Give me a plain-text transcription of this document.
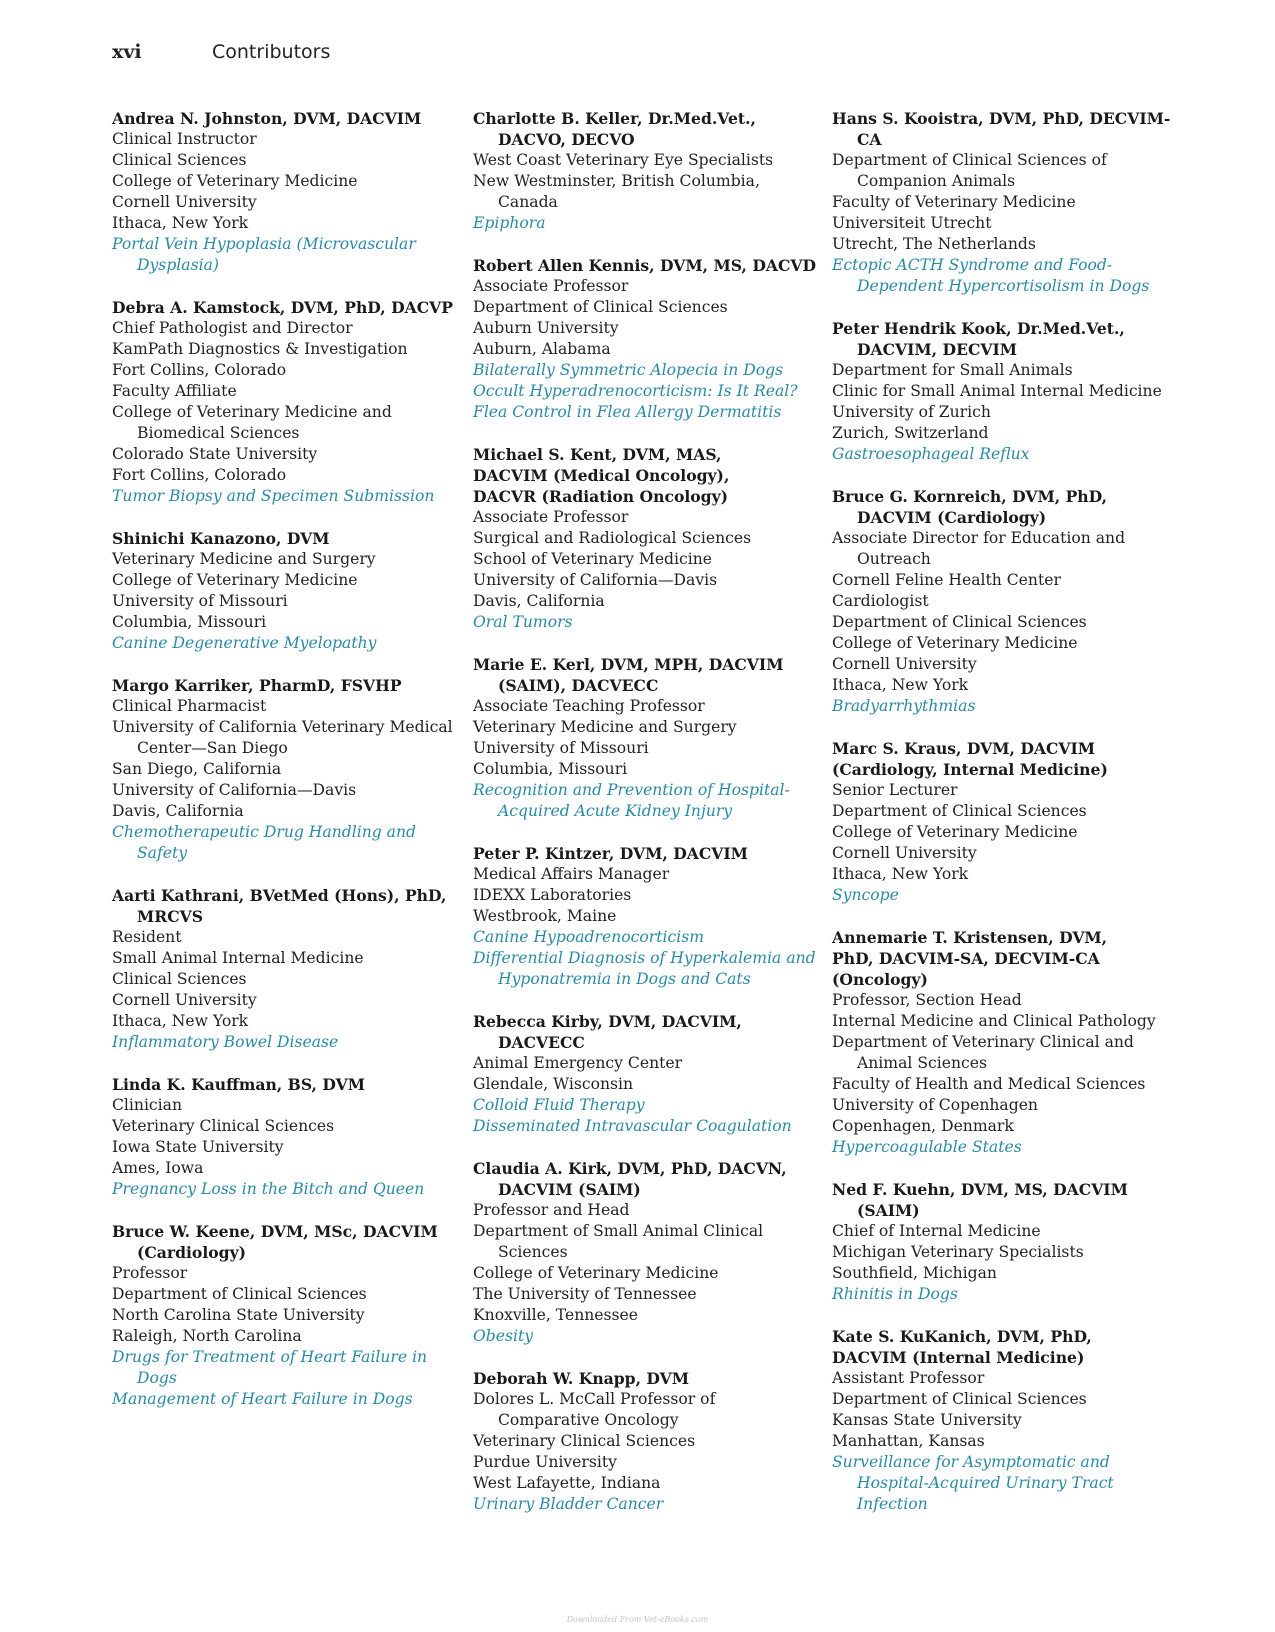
xvi	Contributors
Andrea N. Johnston, DVM, DACVIM
Clinical Instructor
Clinical Sciences
College of Veterinary Medicine
Cornell University
Ithaca, New York
Portal Vein Hypoplasia (Microvascular Dysplasia)
Debra A. Kamstock, DVM, PhD, DACVP
Chief Pathologist and Director
KamPath Diagnostics & Investigation
Fort Collins, Colorado
Faculty Affiliate
College of Veterinary Medicine and Biomedical Sciences
Colorado State University
Fort Collins, Colorado
Tumor Biopsy and Specimen Submission
Shinichi Kanazono, DVM
Veterinary Medicine and Surgery
College of Veterinary Medicine
University of Missouri
Columbia, Missouri
Canine Degenerative Myelopathy
Margo Karriker, PharmD, FSVHP
Clinical Pharmacist
University of California Veterinary Medical Center—San Diego
San Diego, California
University of California—Davis
Davis, California
Chemotherapeutic Drug Handling and Safety
Aarti Kathrani, BVetMed (Hons), PhD, MRCVS
Resident
Small Animal Internal Medicine
Clinical Sciences
Cornell University
Ithaca, New York
Inflammatory Bowel Disease
Linda K. Kauffman, BS, DVM
Clinician
Veterinary Clinical Sciences
Iowa State University
Ames, Iowa
Pregnancy Loss in the Bitch and Queen
Bruce W. Keene, DVM, MSc, DACVIM (Cardiology)
Professor
Department of Clinical Sciences
North Carolina State University
Raleigh, North Carolina
Drugs for Treatment of Heart Failure in Dogs
Management of Heart Failure in Dogs
Charlotte B. Keller, Dr.Med.Vet., DACVO, DECVO
West Coast Veterinary Eye Specialists
New Westminster, British Columbia, Canada
Epiphora
Robert Allen Kennis, DVM, MS, DACVD
Associate Professor
Department of Clinical Sciences
Auburn University
Auburn, Alabama
Bilaterally Symmetric Alopecia in Dogs
Occult Hyperadrenocorticism: Is It Real?
Flea Control in Flea Allergy Dermatitis
Michael S. Kent, DVM, MAS,
DACVIM (Medical Oncology),
DACVR (Radiation Oncology)
Associate Professor
Surgical and Radiological Sciences
School of Veterinary Medicine
University of California—Davis
Davis, California
Oral Tumors
Marie E. Kerl, DVM, MPH, DACVIM (SAIM), DACVECC
Associate Teaching Professor
Veterinary Medicine and Surgery
University of Missouri
Columbia, Missouri
Recognition and Prevention of Hospital-Acquired Acute Kidney Injury
Peter P. Kintzer, DVM, DACVIM
Medical Affairs Manager
IDEXX Laboratories
Westbrook, Maine
Canine Hypoadrenocorticism
Differential Diagnosis of Hyperkalemia and Hyponatremia in Dogs and Cats
Rebecca Kirby, DVM, DACVIM, DACVECC
Animal Emergency Center
Glendale, Wisconsin
Colloid Fluid Therapy
Disseminated Intravascular Coagulation
Claudia A. Kirk, DVM, PhD, DACVN, DACVIM (SAIM)
Professor and Head
Department of Small Animal Clinical Sciences
College of Veterinary Medicine
The University of Tennessee
Knoxville, Tennessee
Obesity
Deborah W. Knapp, DVM
Dolores L. McCall Professor of Comparative Oncology
Veterinary Clinical Sciences
Purdue University
West Lafayette, Indiana
Urinary Bladder Cancer
Hans S. Kooistra, DVM, PhD, DECVIM-CA
Department of Clinical Sciences of Companion Animals
Faculty of Veterinary Medicine
Universiteit Utrecht
Utrecht, The Netherlands
Ectopic ACTH Syndrome and Food-Dependent Hypercortisolism in Dogs
Peter Hendrik Kook, Dr.Med.Vet., DACVIM, DECVIM
Department for Small Animals
Clinic for Small Animal Internal Medicine
University of Zurich
Zurich, Switzerland
Gastroesophageal Reflux
Bruce G. Kornreich, DVM, PhD, DACVIM (Cardiology)
Associate Director for Education and Outreach
Cornell Feline Health Center
Cardiologist
Department of Clinical Sciences
College of Veterinary Medicine
Cornell University
Ithaca, New York
Bradyarrhythmias
Marc S. Kraus, DVM, DACVIM
(Cardiology, Internal Medicine)
Senior Lecturer
Department of Clinical Sciences
College of Veterinary Medicine
Cornell University
Ithaca, New York
Syncope
Annemarie T. Kristensen, DVM,
PhD, DACVIM-SA, DECVIM-CA
(Oncology)
Professor, Section Head
Internal Medicine and Clinical Pathology
Department of Veterinary Clinical and Animal Sciences
Faculty of Health and Medical Sciences
University of Copenhagen
Copenhagen, Denmark
Hypercoagulable States
Ned F. Kuehn, DVM, MS, DACVIM (SAIM)
Chief of Internal Medicine
Michigan Veterinary Specialists
Southfield, Michigan
Rhinitis in Dogs
Kate S. KuKanich, DVM, PhD,
DACVIM (Internal Medicine)
Assistant Professor
Department of Clinical Sciences
Kansas State University
Manhattan, Kansas
Surveillance for Asymptomatic and Hospital-Acquired Urinary Tract Infection
Downloaded From Vet-eBooks.com
